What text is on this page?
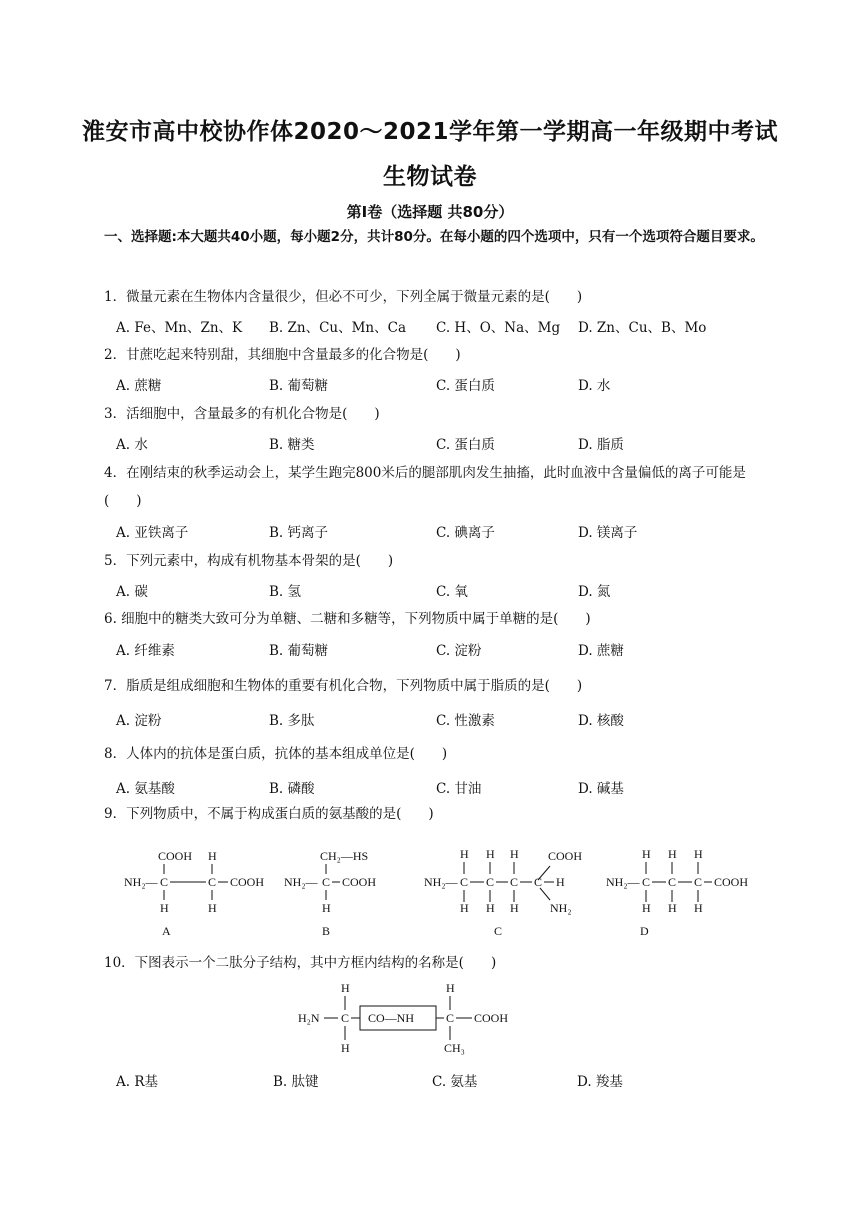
淮安市高中校协作体2020～2021学年第一学期高一年级期中考试
生物试卷
第Ⅰ卷（选择题 共80分）
一、选择题:本大题共40小题，每小题2分，共计80分。在每小题的四个选项中，只有一个选项符合题目要求。
1．微量元素在生物体内含量很少，但必不可少，下列全属于微量元素的是(　　)
A. Fe、Mn、Zn、K B. Zn、Cu、Mn、Ca C. H、O、Na、Mg D. Zn、Cu、B、Mo
2．甘蔗吃起来特别甜，其细胞中含量最多的化合物是(　　)
A. 蔗糖	B. 葡萄糖	C. 蛋白质	D. 水
3．活细胞中，含量最多的有机化合物是(　　)
A. 水	B. 糖类	C. 蛋白质	D. 脂质
4．在刚结束的秋季运动会上，某学生跑完800米后的腿部肌肉发生抽搐，此时血液中含量偏低的离子可能是(　　)
A. 亚铁离子	B. 钙离子	C. 碘离子	D. 镁离子
5．下列元素中，构成有机物基本骨架的是(　　)
A. 碳	B. 氢	C. 氧	D. 氮
6. 细胞中的糖类大致可分为单糖、二糖和多糖等，下列物质中属于单糖的是(　　)
A. 纤维素	B. 葡萄糖	C. 淀粉	D. 蔗糖
7．脂质是组成细胞和生物体的重要有机化合物，下列物质中属于脂质的是(　　)
A. 淀粉	B. 多肽	C. 性激素	D. 核酸
8．人体内的抗体是蛋白质，抗体的基本组成单位是(　　)
A. 氨基酸	B. 磷酸	C. 甘油	D. 碱基
9．下列物质中，不属于构成蛋白质的氨基酸的是(　　)
COOH H
NH₂— C	C COOH
H	H
A
CH₂—HS
NH₂— C COOH
H
B
H H H COOH
NH₂— C C C C H
H H H	NH₂
C
H H H
NH₂— C C C COOH
H H H
D
10．下图表示一个二肽分子结构，其中方框内结构的名称是(　　)
H	H
H₂N C CO—NH	C COOH
H	CH₃
A. R基	B. 肽键	C. 氨基	D. 羧基
